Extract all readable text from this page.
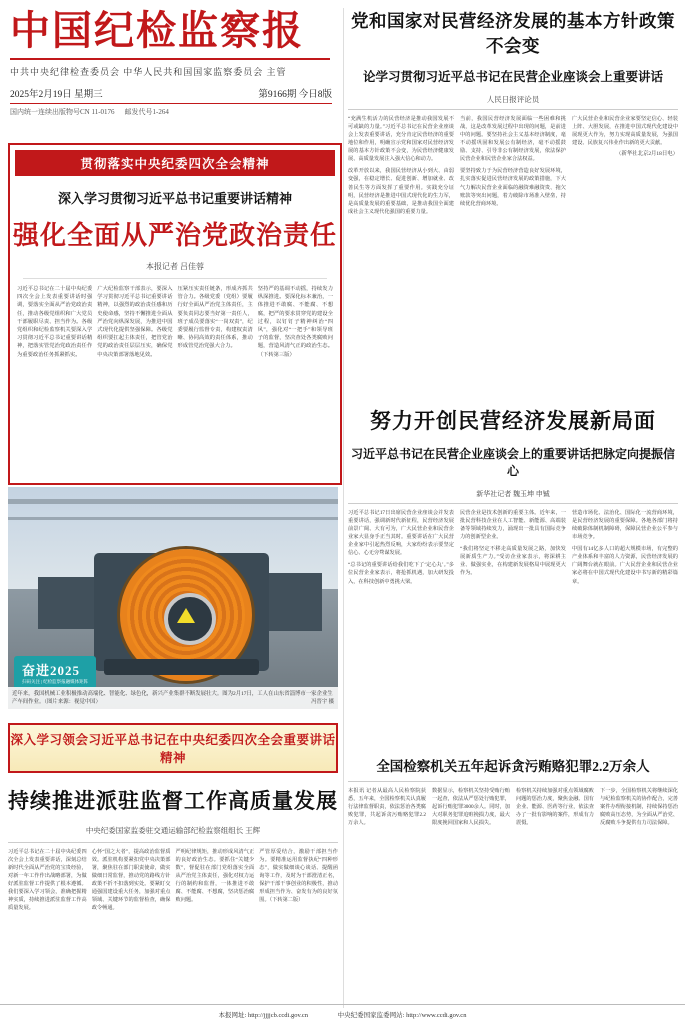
中国纪检监察报
中共中央纪律检查委员会 中华人民共和国国家监察委员会 主管
2025年2月19日 星期三	第9166期 今日8版
国内统一连续出版物号CN 11-0176 邮发代号1-264
贯彻落实中央纪委四次全会精神
深入学习贯彻习近平总书记重要讲话精神
强化全面从严治党政治责任
本报记者 吕佳蓉
习近平总书记在二十届中央纪委四次全会上发表重要讲话时强调，要落实全面从严治党政治责任，推动各级党组织和广大党员干部履职尽责、担当作为。各级党组织和纪检监察机关要深入学习贯彻习近平总书记重要讲话精神，把落实管党治党政治责任作为重要政治任务抓紧抓实。
广大纪检监察干部表示，要深入学习贯彻习近平总书记重要讲话精神，以强烈的政治责任感和历史使命感，坚持不懈推进全面从严治党向纵深发展，为推进中国式现代化提供坚强保障。各级党组织要扛起主体责任，把管党治党的政治责任层层压实，确保党中央决策部署落地见效。
压紧压实责任链条，形成齐抓共管合力。各级党委（党组）要履行好全面从严治党主体责任，主要负责同志要当好第一责任人，班子成员要落实“一岗双责”，纪委要履行监督专责，构建权责清晰、协同高效的责任体系，推动形成管党治党强大合力。
坚持严的基调不动摇，持续发力纵深推进。要深化标本兼治，一体推进不敢腐、不能腐、不想腐，把严的要求贯穿党的建设全过程，以钉钉子精神纠治“四风”，强化对“一把手”和领导班子的监督，坚决查处各类腐败问题，营造风清气正的政治生态。（下转第三版）
奋进2025
扫码关注 | 纪检监察报融媒体矩阵
近年来，我国机械工业积极推动高端化、智能化、绿色化，新兴产业集群不断发展壮大。图为2月17日，工人在山东省淄博市一家企业生产车间作业。（图片来源：视觉中国）	冯晋宇 摄
深入学习领会习近平总书记在中央纪委四次全会重要讲话精神
持续推进派驻监督工作高质量发展
中央纪委国家监委驻交通运输部纪检监察组组长 王辉
习近平总书记在二十届中央纪委四次全会上发表重要讲话，深刻总结新时代全面从严治党的宝贵经验，对新一年工作作出战略部署，为做好派驻监督工作提供了根本遵循。我们要深入学习领会，准确把握精神实质，持续推进派驻监督工作高质量发展。
心怀“国之大者”，提高政治监督质效。派驻机构要紧扣党中央决策部署，聚焦驻在部门职责使命，做实做细日常监督，推动党的路线方针政策不折不扣落到实处。要紧盯交通强国建设重大任务，加强对重点领域、关键环节的监督检查，确保政令畅通。
严明纪律规矩，推动形成风清气正的良好政治生态。要抓住“关键少数”，督促驻在部门党组落实全面从严治党主体责任，强化对权力运行的制约和监督，一体推进不敢腐、不能腐、不想腐，坚决惩治腐败问题。
严管厚爱结合，激励干部担当作为。要精准运用监督执纪“四种形态”，做实做细谈心谈话、提醒函询等工作，及时为干部澄清正名，保护干部干事创业的积极性，推动形成担当作为、奋发有为的良好氛围。（下转第二版）
党和国家对民营经济发展的基本方针政策不会变
论学习贯彻习近平总书记在民营企业座谈会上重要讲话
人民日报评论员
“充满生机活力的民营经济是推动我国发展不可或缺的力量。”习近平总书记在民营企业座谈会上发表重要讲话，充分肯定民营经济的重要地位和作用，明确宣示党和国家对民营经济发展的基本方针政策不会变，为民营经济健康发展、高质量发展注入强大信心和动力。
改革开放以来，我国民营经济从小到大、由弱变强，在稳定增长、促进创新、增加就业、改善民生等方面发挥了重要作用。实践充分证明，民营经济是推进中国式现代化的生力军，是高质量发展的重要基础，是推动我国全面建成社会主义现代化强国的重要力量。
当前，我国民营经济发展面临一些困难和挑战，这是改革发展过程中出现的问题，是前进中的问题。要坚持社会主义基本经济制度，毫不动摇巩固和发展公有制经济，毫不动摇鼓励、支持、引导非公有制经济发展，依法保护民营企业和民营企业家合法权益。
要坚持致力于为民营经济营造良好发展环境，扎实落实促进民营经济发展的政策措施，下大气力解决民营企业面临的融资难融资贵、拖欠账款等突出问题，着力破除市场准入壁垒，持续优化营商环境。
广大民营企业和民营企业家要坚定信心、轻装上阵、大胆发展，在推进中国式现代化建设中展现更大作为，努力实现高质量发展，为强国建设、民族复兴伟业作出新的更大贡献。
（新华社北京2月18日电）
努力开创民营经济发展新局面
习近平总书记在民营企业座谈会上的重要讲话把脉定向提振信心
新华社记者 魏玉坤 申铖
习近平总书记17日出席民营企业座谈会并发表重要讲话，强调新时代新征程，民营经济发展前景广阔、大有可为，广大民营企业和民营企业家大显身手正当其时。重要讲话在广大民营企业家中引起热烈反响，大家纷纷表示要坚定信心、心无旁骛谋发展。
“总书记的重要讲话给我们吃下了‘定心丸’。”多位民营企业家表示，将抢抓机遇，加大研发投入，在科技创新中勇挑大梁。
民营企业是技术创新的重要主体。近年来，一批民营科技企业在人工智能、新能源、高端装备等领域持续发力，涌现出一批具有国际竞争力的创新型企业。
“我们将坚定不移走高质量发展之路，加快发展新质生产力。”受访企业家表示，将深耕主业、做强实业，在构建新发展格局中展现更大作为。
营造市场化、法治化、国际化一流营商环境，是民营经济发展的重要保障。各地各部门将持续破除体制机制障碍，保障民营企业公平参与市场竞争。
中国有14亿多人口的超大规模市场，有完整的产业体系和丰富的人力资源，民营经济发展的广阔舞台就在眼前。广大民营企业和民营企业家必将在中国式现代化建设中书写新的精彩篇章。
全国检察机关五年起诉贪污贿赂犯罪2.2万余人
本报讯 记者从最高人民检察院获悉，五年来，全国检察机关认真履行法律监督职责，依法惩治各类腐败犯罪，共起诉贪污贿赂犯罪2.2万余人。
数据显示，检察机关坚持受贿行贿一起查，依法从严惩处行贿犯罪，起诉行贿犯罪3000余人。同时，加大对职务犯罪追赃挽损力度，最大限度挽回国家和人民损失。
检察机关持续加强对重点领域腐败问题的惩治力度，聚焦金融、国有企业、能源、医药等行业，依法查办了一批有影响的案件，形成有力震慑。
下一步，全国检察机关将继续深化与纪检监察机关的协作配合，完善案件办理衔接机制，持续保持惩治腐败高压态势，为全面从严治党、反腐败斗争提供有力司法保障。
本报网址: http://jjjjcb.ccdi.gov.cn	中央纪委国家监委网站: http://www.ccdi.gov.cn
